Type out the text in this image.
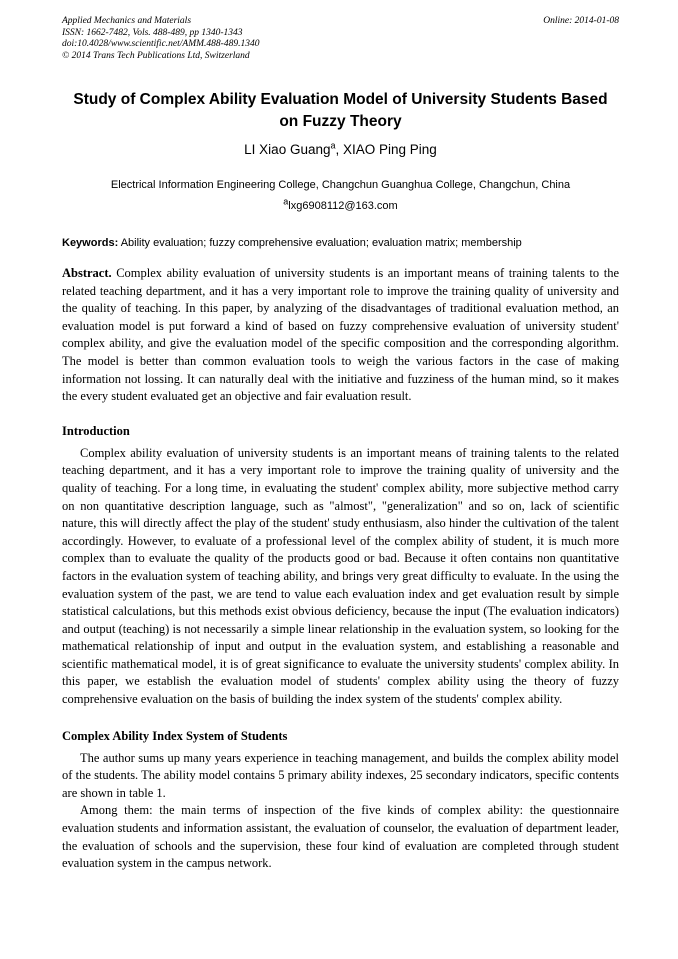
Applied Mechanics and Materials
ISSN: 1662-7482, Vols. 488-489, pp 1340-1343
doi:10.4028/www.scientific.net/AMM.488-489.1340
© 2014 Trans Tech Publications Ltd, Switzerland
Online: 2014-01-08
Study of Complex Ability Evaluation Model of University Students Based on Fuzzy Theory
LI Xiao Guang$^a$, XIAO Ping Ping
Electrical Information Engineering College, Changchun Guanghua College, Changchun, China
$^a$lxg6908112@163.com
Keywords: Ability evaluation; fuzzy comprehensive evaluation; evaluation matrix; membership
Abstract. Complex ability evaluation of university students is an important means of training talents to the related teaching department, and it has a very important role to improve the training quality of university and the quality of teaching. In this paper, by analyzing of the disadvantages of traditional evaluation method, an evaluation model is put forward a kind of based on fuzzy comprehensive evaluation of university student' complex ability, and give the evaluation model of the specific composition and the corresponding algorithm. The model is better than common evaluation tools to weigh the various factors in the case of making information not lossing. It can naturally deal with the initiative and fuzziness of the human mind, so it makes the every student evaluated get an objective and fair evaluation result.
Introduction

Complex ability evaluation of university students is an important means of training talents to the related teaching department, and it has a very important role to improve the training quality of university and the quality of teaching. For a long time, in evaluating the student' complex ability, more subjective method carry on non quantitative description language, such as "almost", "generalization" and so on, lack of scientific nature, this will directly affect the play of the student' study enthusiasm, also hinder the cultivation of the talent accordingly. However, to evaluate of a professional level of the complex ability of student, it is much more complex than to evaluate the quality of the products good or bad. Because it often contains non quantitative factors in the evaluation system of teaching ability, and brings very great difficulty to evaluate. In the using the evaluation system of the past, we are tend to value each evaluation index and get evaluation result by simple statistical calculations, but this methods exist obvious deficiency, because the input (The evaluation indicators) and output (teaching) is not necessarily a simple linear relationship in the evaluation system, so looking for the mathematical relationship of input and output in the evaluation system, and establishing a reasonable and scientific mathematical model, it is of great significance to evaluate the university students' complex ability. In this paper, we establish the evaluation model of students' complex ability using the theory of fuzzy comprehensive evaluation on the basis of building the index system of the students' complex ability.

Complex Ability Index System of Students

The author sums up many years experience in teaching management, and builds the complex ability model of the students. The ability model contains 5 primary ability indexes, 25 secondary indicators, specific contents are shown in table 1.

Among them: the main terms of inspection of the five kinds of complex ability: the questionnaire evaluation students and information assistant, the evaluation of counselor, the evaluation of department leader, the evaluation of schools and the supervision, these four kind of evaluation are completed through student evaluation system in the campus network.
